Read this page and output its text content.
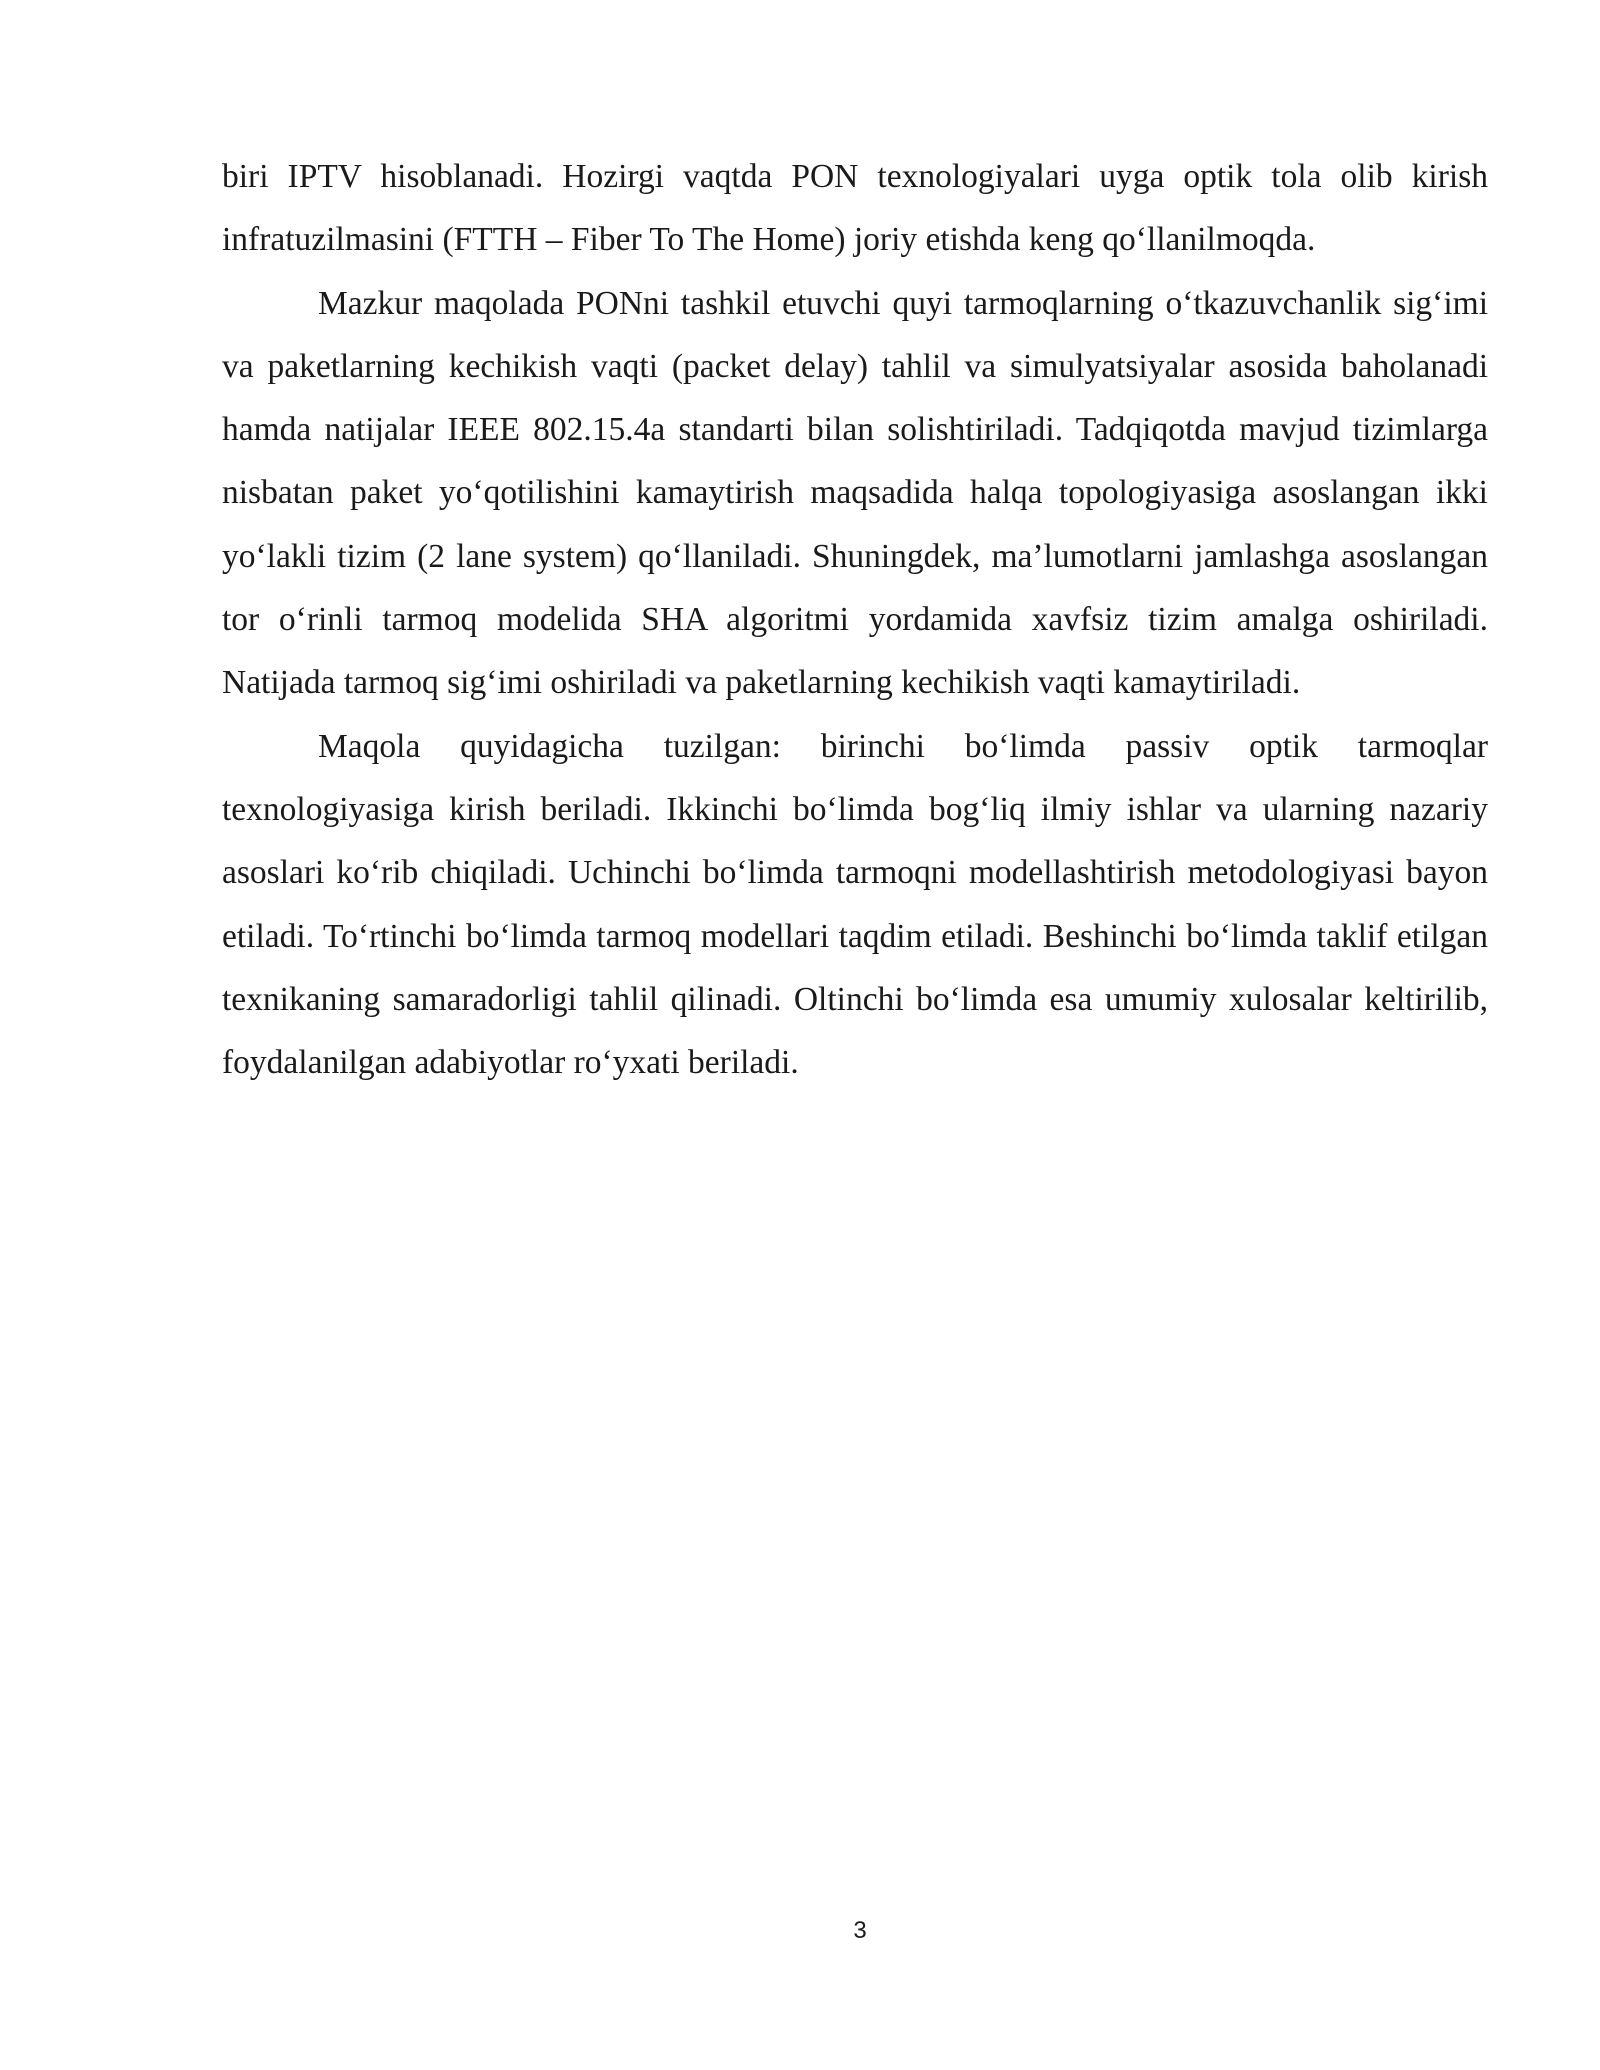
biri IPTV hisoblanadi. Hozirgi vaqtda PON texnologiyalari uyga optik tola olib kirish infratuzilmasini (FTTH – Fiber To The Home) joriy etishda keng qo‘llanilmoqda.

Mazkur maqolada PONni tashkil etuvchi quyi tarmoqlarning o‘tkazuvchanlik sig‘imi va paketlarning kechikish vaqti (packet delay) tahlil va simulyatsiyalar asosida baholanadi hamda natijalar IEEE 802.15.4a standarti bilan solishtiriladi. Tadqiqotda mavjud tizimlarga nisbatan paket yo‘qotilishini kamaytirish maqsadida halqa topologiyasiga asoslangan ikki yo‘lakli tizim (2 lane system) qo‘llaniladi. Shuningdek, ma’lumotlarni jamlashga asoslangan tor o‘rinli tarmoq modelida SHA algoritmi yordamida xavfsiz tizim amalga oshiriladi. Natijada tarmoq sig‘imi oshiriladi va paketlarning kechikish vaqti kamaytiriladi.

Maqola quyidagicha tuzilgan: birinchi bo‘limda passiv optik tarmoqlar texnologiyasiga kirish beriladi. Ikkinchi bo‘limda bog‘liq ilmiy ishlar va ularning nazariy asoslari ko‘rib chiqiladi. Uchinchi bo‘limda tarmoqni modellashtirish metodologiyasi bayon etiladi. To‘rtinchi bo‘limda tarmoq modellari taqdim etiladi. Beshinchi bo‘limda taklif etilgan texnikaning samaradorligi tahlil qilinadi. Oltinchi bo‘limda esa umumiy xulosalar keltirilib, foydalanilgan adabiyotlar ro‘yxati beriladi.

3
